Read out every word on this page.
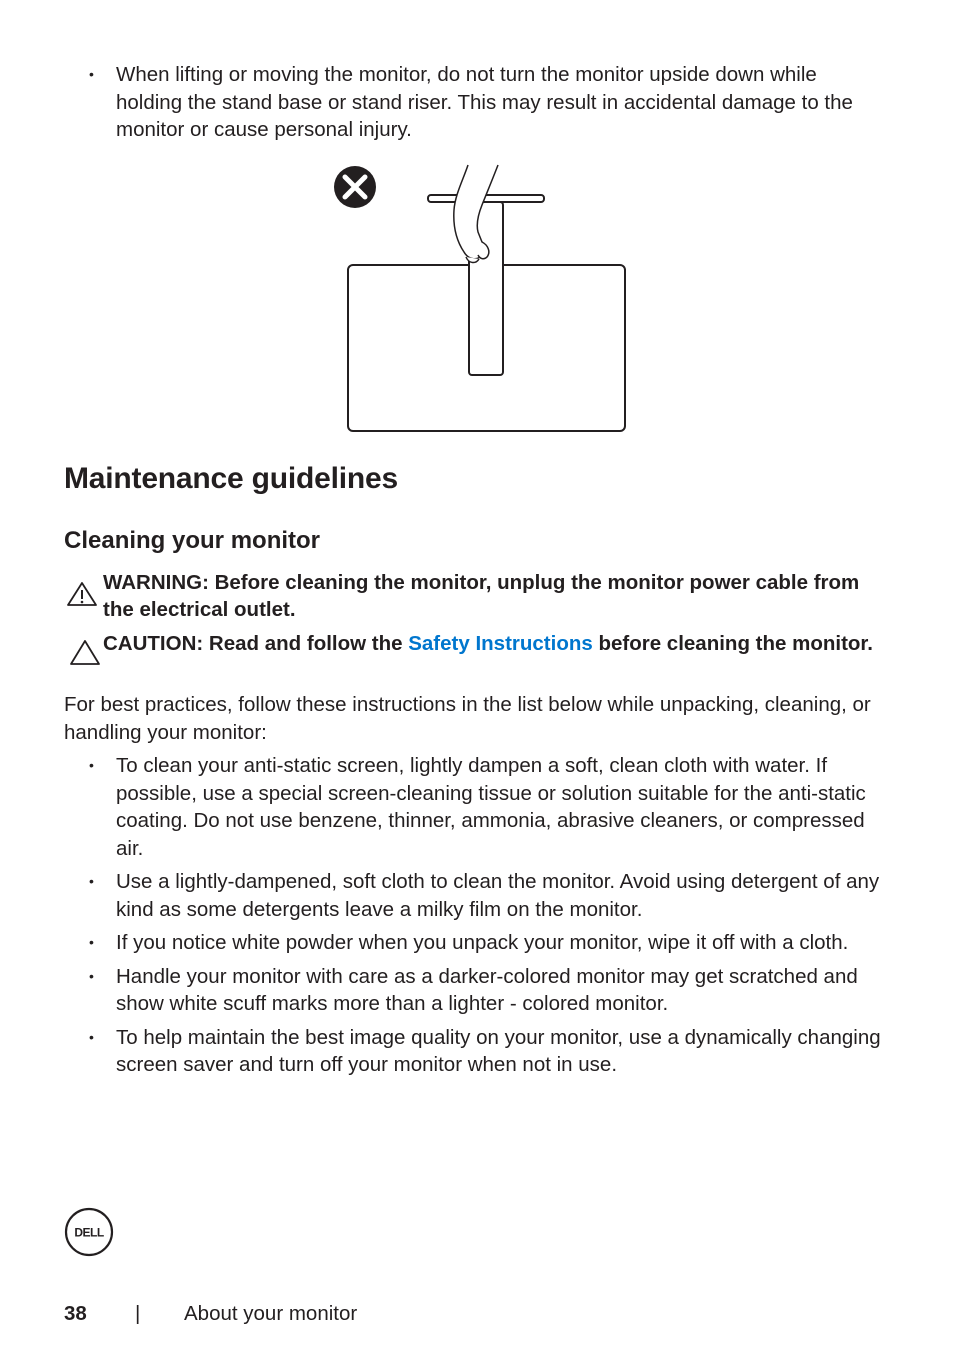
• When lifting or moving the monitor, do not turn the monitor upside down while holding the stand base or stand riser. This may result in accidental damage to the monitor or cause personal injury.
Maintenance guidelines
Cleaning your monitor
WARNING: Before cleaning the monitor, unplug the monitor power cable from the electrical outlet.
CAUTION: Read and follow the Safety Instructions before cleaning the monitor.

For best practices, follow these instructions in the list below while unpacking, cleaning, or handling your monitor:

• To clean your anti-static screen, lightly dampen a soft, clean cloth with water. If possible, use a special screen-cleaning tissue or solution suitable for the anti-static coating. Do not use benzene, thinner, ammonia, abrasive cleaners, or compressed air.
• Use a lightly-dampened, soft cloth to clean the monitor. Avoid using detergent of any kind as some detergents leave a milky film on the monitor.
• If you notice white powder when you unpack your monitor, wipe it off with a cloth.
• Handle your monitor with care as a darker-colored monitor may get scratched and show white scuff marks more than a lighter - colored monitor.
• To help maintain the best image quality on your monitor, use a dynamically changing screen saver and turn off your monitor when not in use.
DELL
38 | About your monitor
